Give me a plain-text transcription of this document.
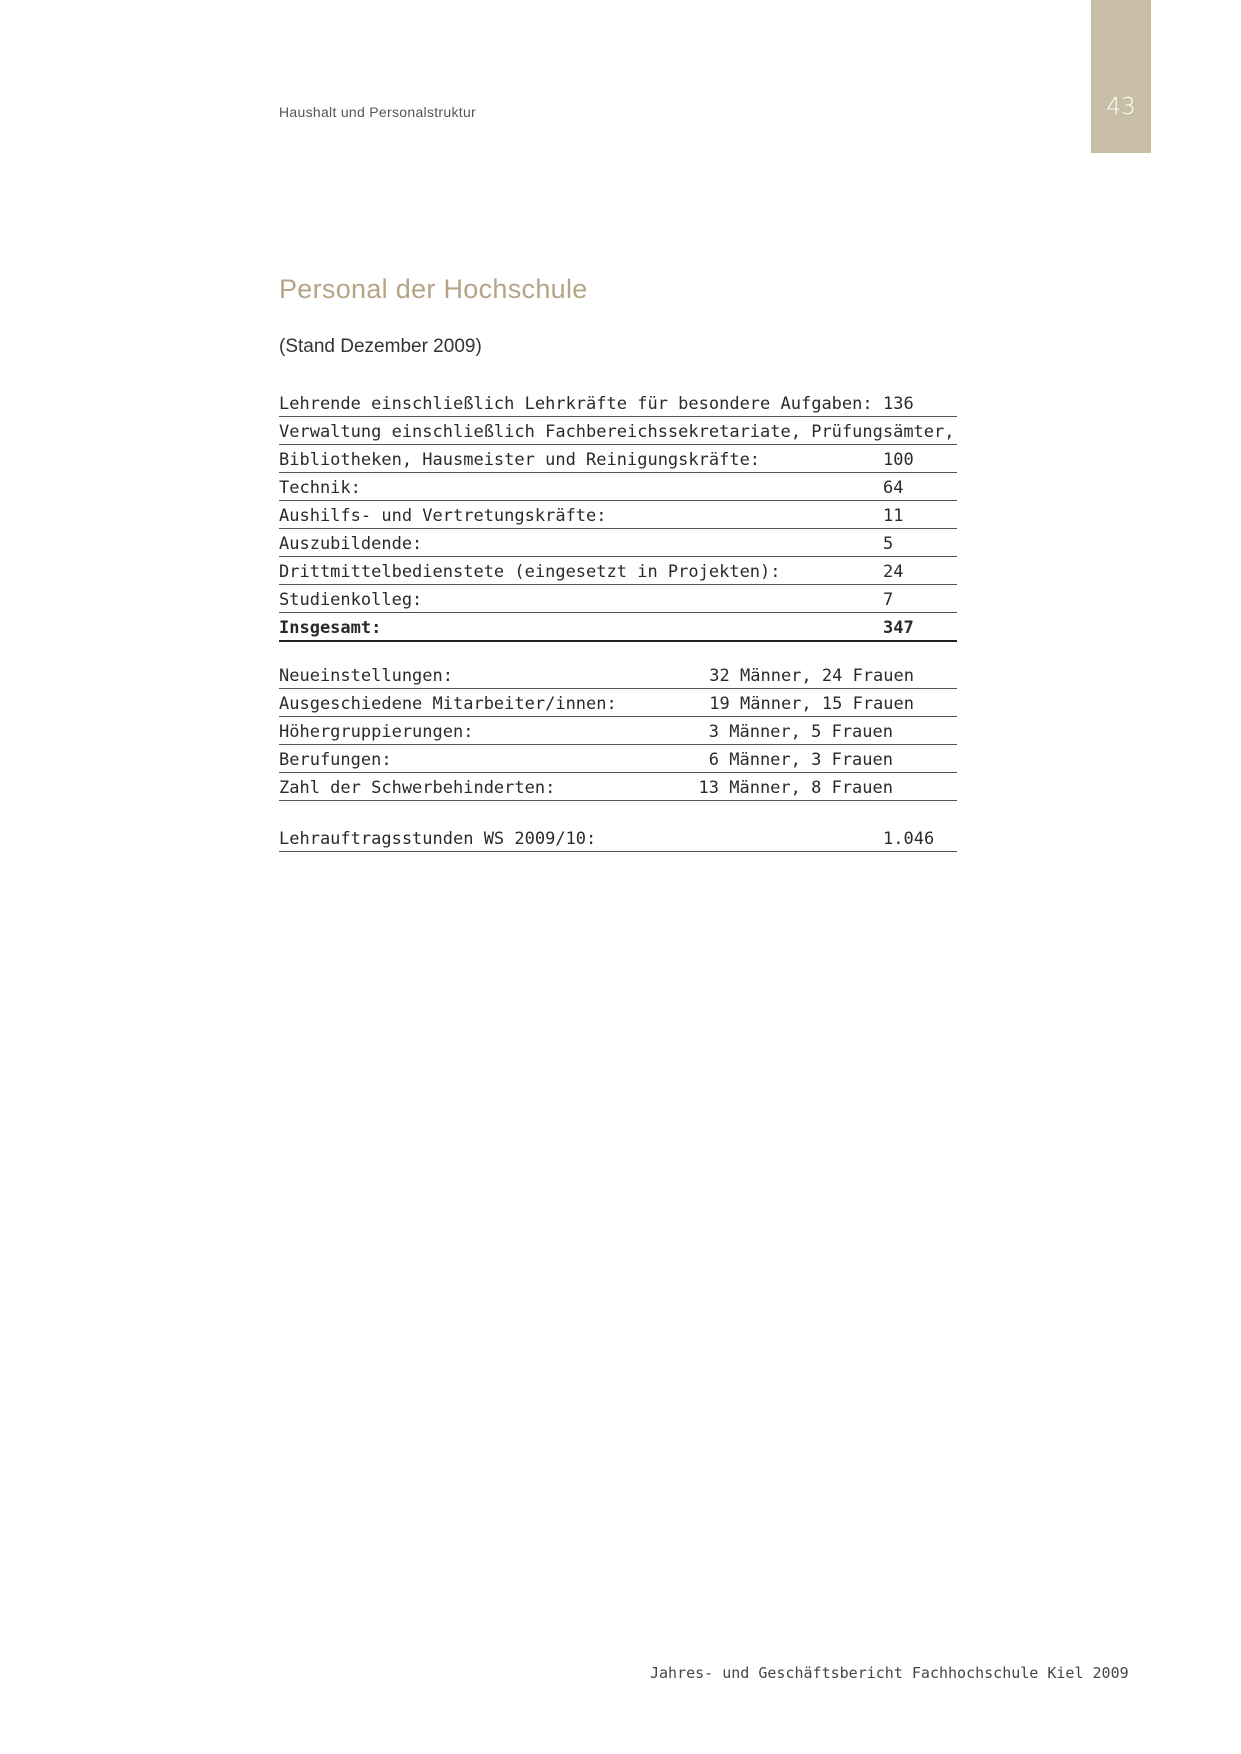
Haushalt und Personalstruktur	43
Personal der Hochschule
(Stand Dezember 2009)
Lehrende einschließlich Lehrkräfte für besondere Aufgaben: 136
Verwaltung einschließlich Fachbereichssekretariate, Prüfungsämter,
Bibliotheken, Hausmeister und Reinigungskräfte:	100
Technik:	64
Aushilfs- und Vertretungskräfte:	11
Auszubildende:	5
Drittmittelbedienstete (eingesetzt in Projekten):	24
Studienkolleg:	7
Insgesamt:	347
Neueinstellungen:	32 Männer, 24 Frauen
Ausgeschiedene Mitarbeiter/innen:	19 Männer, 15 Frauen
Höhergruppierungen:	3 Männer, 5 Frauen
Berufungen:	6 Männer, 3 Frauen
Zahl der Schwerbehinderten:	13 Männer, 8 Frauen
Lehrauftragsstunden WS 2009/10:	1.046
Jahres- und Geschäftsbericht Fachhochschule Kiel 2009
